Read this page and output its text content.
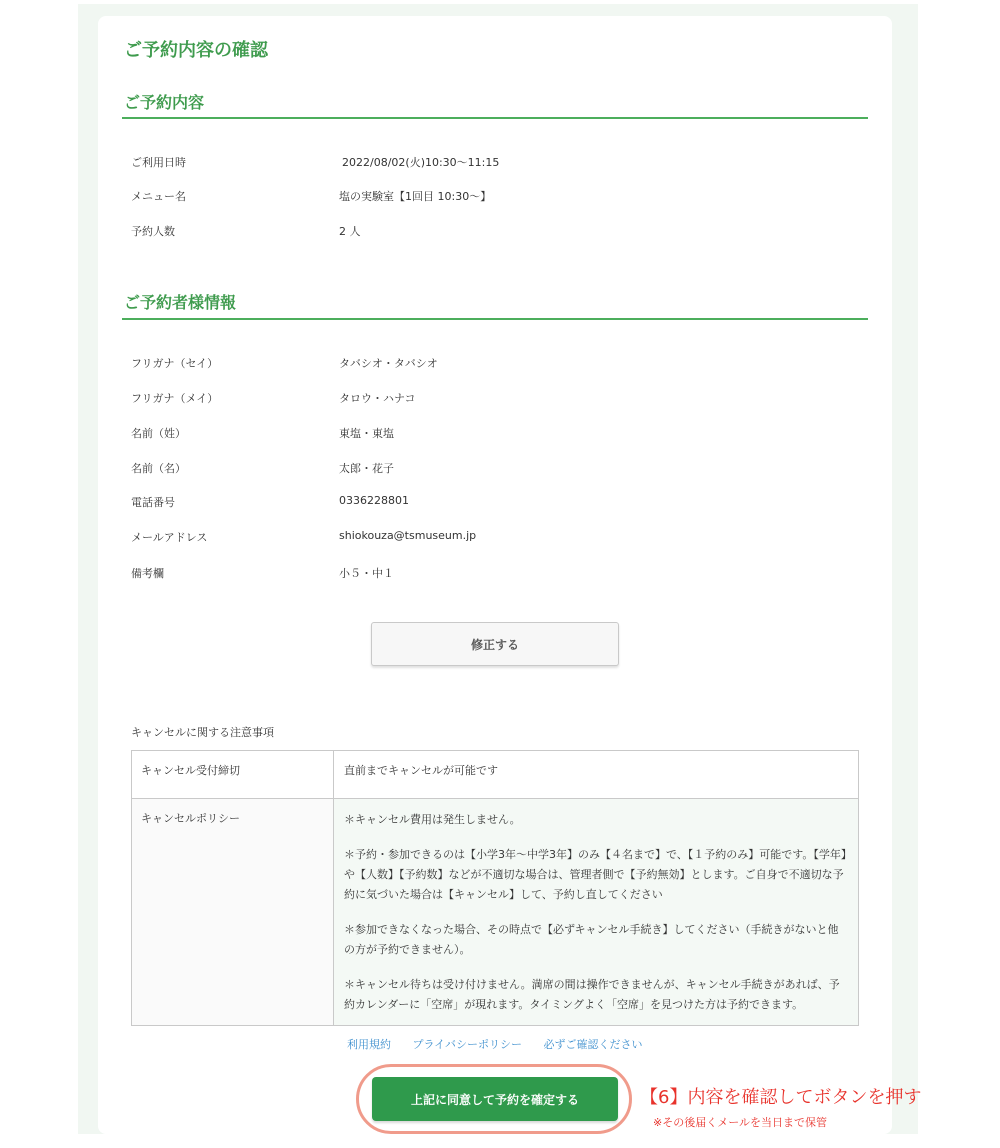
ご予約内容の確認
ご予約内容
ご利用日時	2022/08/02(火)10:30〜11:15
メニュー名	塩の実験室【1回目 10:30〜】
予約人数	2 人
ご予約者様情報
フリガナ（セイ）	タバシオ・タバシオ
フリガナ（メイ）	タロウ・ハナコ
名前（姓）	東塩・東塩
名前（名）	太郎・花子
電話番号	0336228801
メールアドレス	shiokouza@tsmuseum.jp
備考欄	小５・中１
修正する
キャンセルに関する注意事項
キャンセル受付締切	直前までキャンセルが可能です
キャンセルポリシー	＊キャンセル費用は発生しません。

＊予約・参加できるのは【小学3年〜中学3年】のみ【４名まで】で、【１予約のみ】可能です。【学年】や【人数】【予約数】などが不適切な場合は、管理者側で【予約無効】とします。ご自身で不適切な予約に気づいた場合は【キャンセル】して、予約し直してください

＊参加できなくなった場合、その時点で【必ずキャンセル手続き】してください（手続きがないと他の方が予約できません）。

＊キャンセル待ちは受け付けません。満席の間は操作できませんが、キャンセル手続きがあれば、予約カレンダーに「空席」が現れます。タイミングよく「空席」を見つけた方は予約できます。

利用規約 プライバシーポリシー 必ずご確認ください
上記に同意して予約を確定する	【6】内容を確認してボタンを押す
※その後届くメールを当日まで保管
